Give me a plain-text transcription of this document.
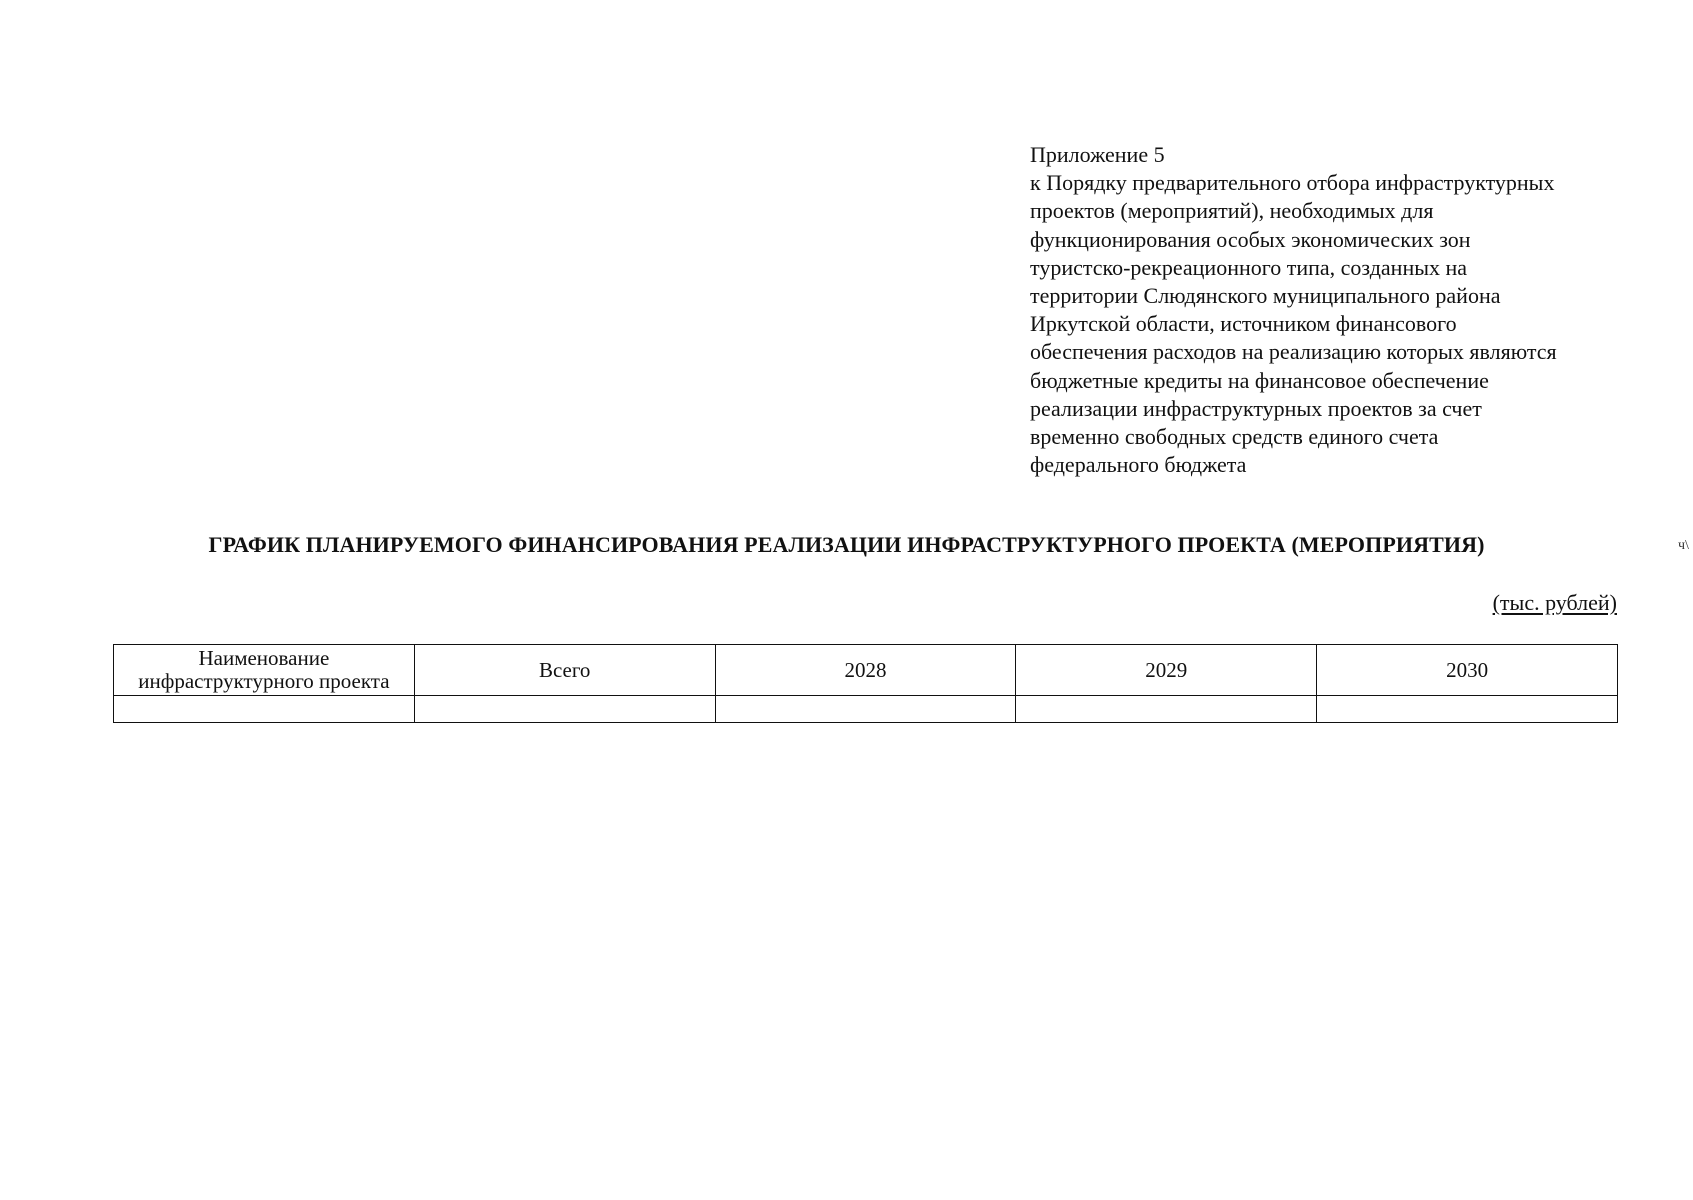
Приложение 5
к Порядку предварительного отбора инфраструктурных
проектов (мероприятий), необходимых для
функционирования особых экономических зон
туристско-рекреационного типа, созданных на
территории Слюдянского муниципального района
Иркутской области, источником финансового
обеспечения расходов на реализацию которых являются
бюджетные кредиты на финансовое обеспечение
реализации инфраструктурных проектов за счет
временно свободных средств единого счета
федерального бюджета
ГРАФИК ПЛАНИРУЕМОГО ФИНАНСИРОВАНИЯ РЕАЛИЗАЦИИ ИНФРАСТРУКТУРНОГО ПРОЕКТА (МЕРОПРИЯТИЯ)	ч\
(тыс. рублей)
Наименование инфраструктурного проекта	Всего	2028	2029	2030
